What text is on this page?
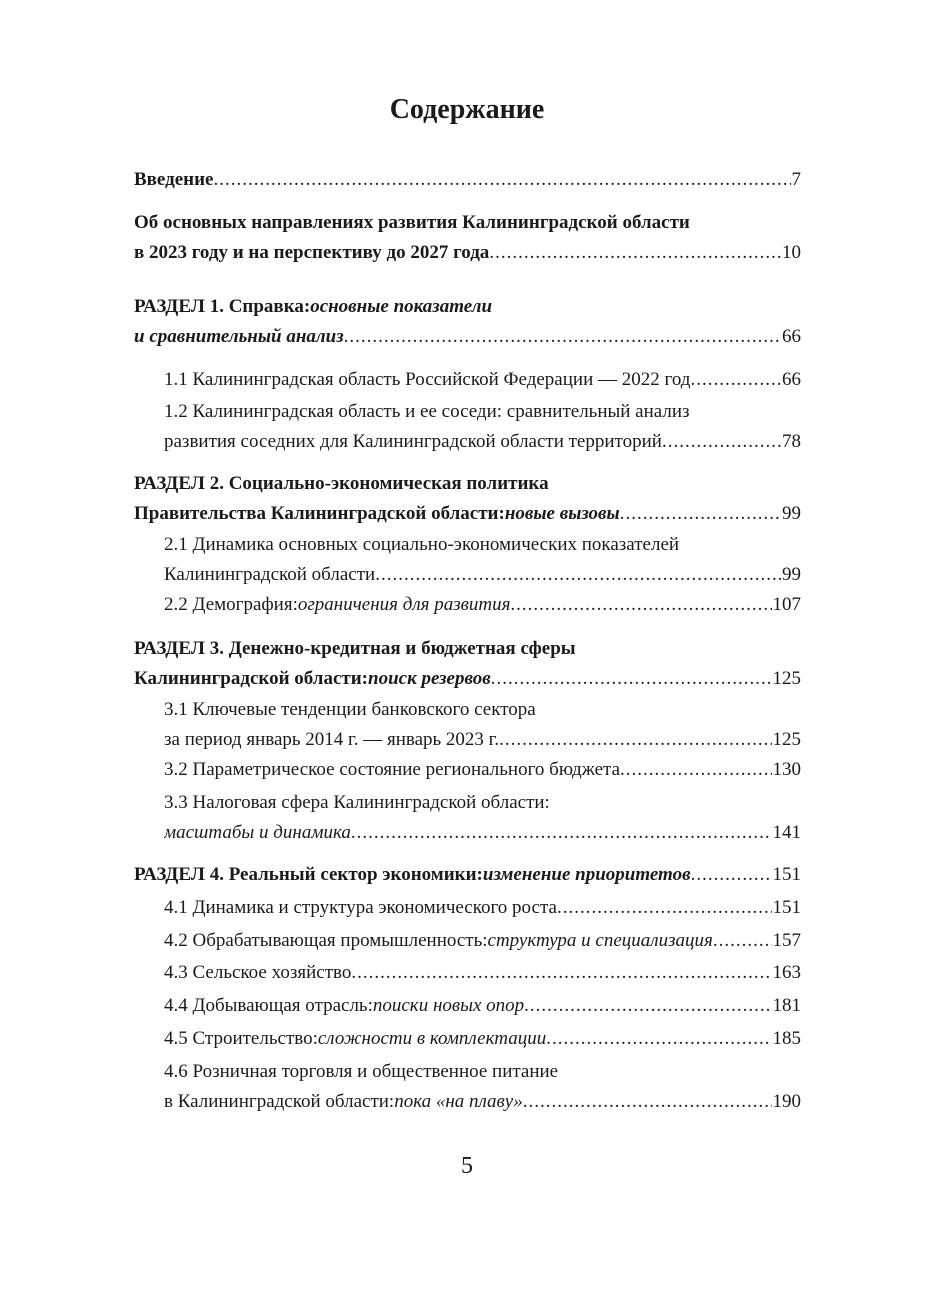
Содержание
Введение .....	7
Об основных направлениях развития Калининградской области
в 2023 году и на перспективу до 2027 года .....	10
РАЗДЕЛ 1. Справка: основные показатели
и сравнительный анализ .....	66
1.1 Калининградская область Российской Федерации — 2022 год .....	66
1.2 Калининградская область и ее соседи: сравнительный анализ
развития соседних для Калининградской области территорий .....	78
РАЗДЕЛ 2. Социально-экономическая политика
Правительства Калининградской области: новые вызовы .....	99
2.1 Динамика основных социально-экономических показателей
Калининградской области .....	99
2.2 Демография: ограничения для развития .....	107
РАЗДЕЛ 3. Денежно-кредитная и бюджетная сферы
Калининградской области: поиск резервов .....	125
3.1 Ключевые тенденции банковского сектора
за период январь 2014 г. — январь 2023 г. .....	125
3.2 Параметрическое состояние регионального бюджета .....	130
3.3 Налоговая сфера Калининградской области:
масштабы и динамика .....	141
РАЗДЕЛ 4. Реальный сектор экономики: изменение приоритетов .....	151
4.1 Динамика и структура экономического роста .....	151
4.2 Обрабатывающая промышленность: структура и специализация .....	157
4.3 Сельское хозяйство .....	163
4.4 Добывающая отрасль: поиски новых опор .....	181
4.5 Строительство: сложности в комплектации .....	185
4.6 Розничная торговля и общественное питание
в Калининградской области: пока «на плаву» .....	190
5
